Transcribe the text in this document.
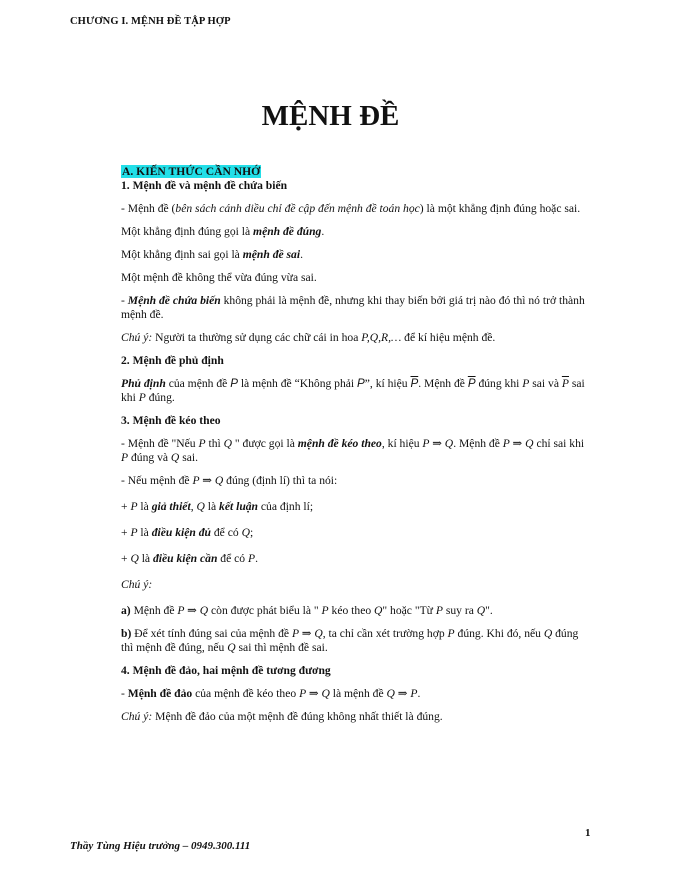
CHƯƠNG I. MỆNH ĐỀ TẬP HỢP
MỆNH ĐỀ

A. KIẾN THỨC CẦN NHỚ

1. Mệnh đề và mệnh đề chứa biến

- Mệnh đề (bên sách cánh diều chỉ đề cập đến mệnh đề toán học) là một khẳng định đúng hoặc sai.

Một khẳng định đúng gọi là mệnh đề đúng.

Một khẳng định sai gọi là mệnh đề sai.

Một mệnh đề không thể vừa đúng vừa sai.

- Mệnh đề chứa biến không phải là mệnh đề, nhưng khi thay biến bởi giá trị nào đó thì nó trở thành mệnh đề.

Chú ý: Người ta thường sử dụng các chữ cái in hoa P,Q,R,… để kí hiệu mệnh đề.

2. Mệnh đề phủ định

Phủ định của mệnh đề P là mệnh đề “Không phải P”, kí hiệu $\overline{P}$. Mệnh đề $\overline{P}$ đúng khi P sai và $\overline{P}$ sai khi P đúng.

3. Mệnh đề kéo theo

- Mệnh đề "Nếu P thì Q " được gọi là mệnh đề kéo theo, kí hiệu P ⇒ Q. Mệnh đề P ⇒ Q chỉ sai khi P đúng và Q sai.

- Nếu mệnh đề P ⇒ Q đúng (định lí) thì ta nói:

+ P là giả thiết, Q là kết luận của định lí;

+ P là điều kiện đủ để có Q;

+ Q là điều kiện cần để có P.

Chú ý:

a) Mệnh đề P ⇒ Q còn được phát biểu là " P kéo theo Q" hoặc "Từ P suy ra Q".

b) Để xét tính đúng sai của mệnh đề P ⇒ Q, ta chỉ cần xét trường hợp P đúng. Khi đó, nếu Q đúng thì mệnh đề đúng, nếu Q sai thì mệnh đề sai.

4. Mệnh đề đảo, hai mệnh đề tương đương

- Mệnh đề đảo của mệnh đề kéo theo P ⇒ Q là mệnh đề Q ⇒ P.

Chú ý: Mệnh đề đảo của một mệnh đề đúng không nhất thiết là đúng.

1
Thầy Tùng Hiệu trưởng – 0949.300.111
